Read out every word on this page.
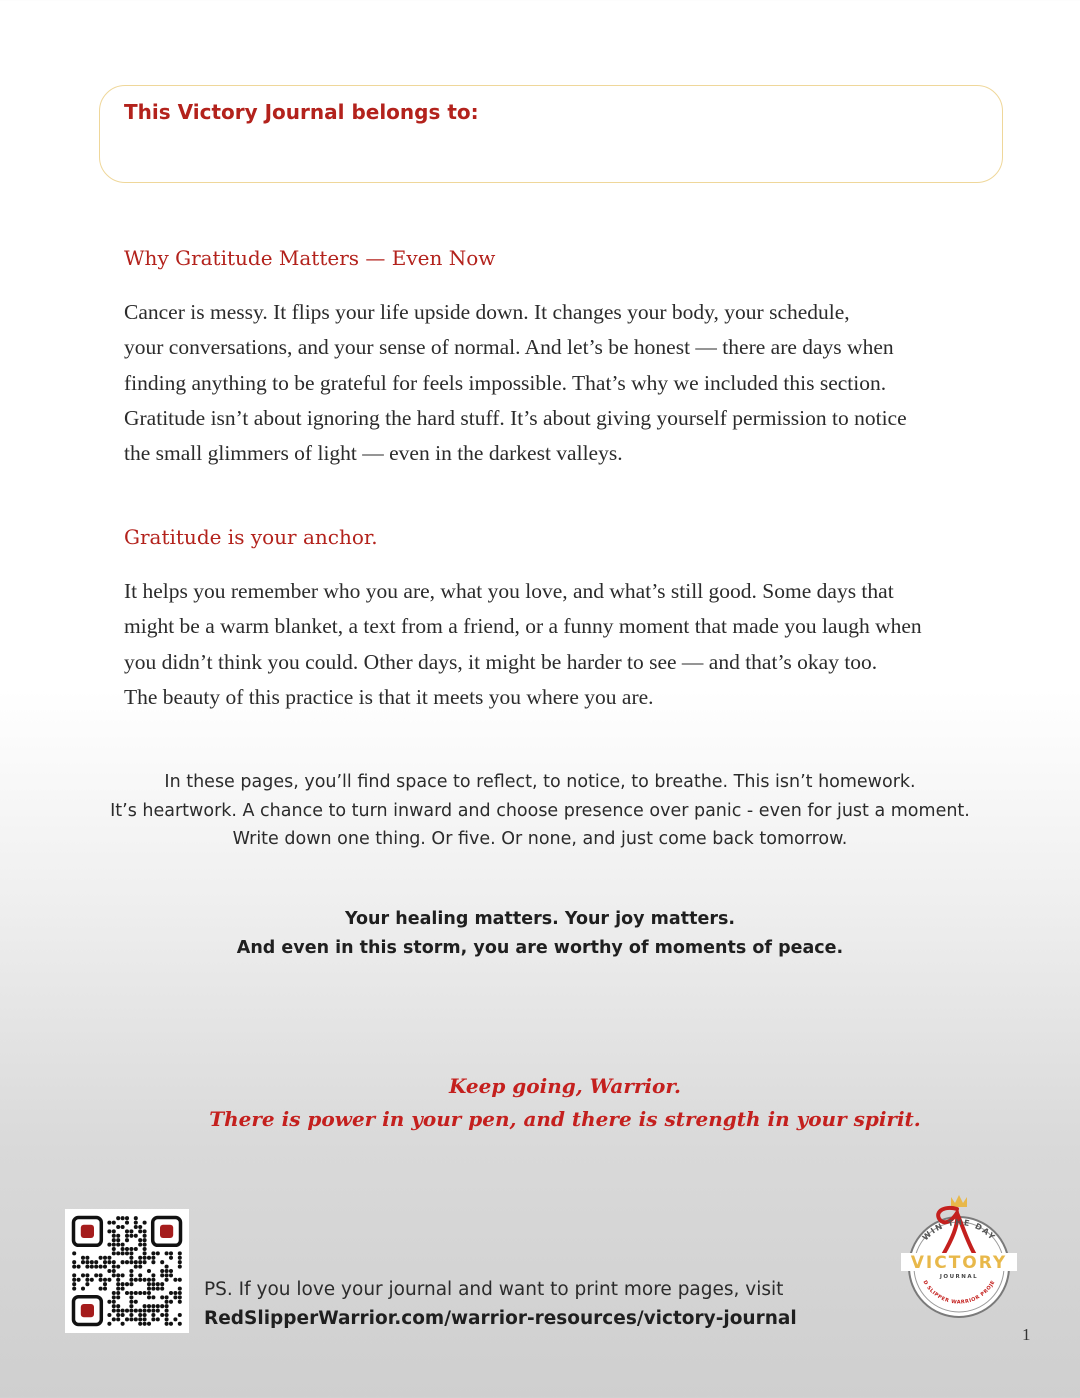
This Victory Journal belongs to:
Why Gratitude Matters — Even Now
Cancer is messy. It flips your life upside down. It changes your body, your schedule,
your conversations, and your sense of normal. And let’s be honest — there are days when
finding anything to be grateful for feels impossible. That’s why we included this section.
Gratitude isn’t about ignoring the hard stuff. It’s about giving yourself permission to notice
the small glimmers of light — even in the darkest valleys.
Gratitude is your anchor.
It helps you remember who you are, what you love, and what’s still good. Some days that
might be a warm blanket, a text from a friend, or a funny moment that made you laugh when
you didn’t think you could. Other days, it might be harder to see — and that’s okay too.
The beauty of this practice is that it meets you where you are.
In these pages, you’ll find space to reflect, to notice, to breathe. This isn’t homework.
It’s heartwork. A chance to turn inward and choose presence over panic - even for just a moment.
Write down one thing. Or five. Or none, and just come back tomorrow.
Your healing matters. Your joy matters.
And even in this storm, you are worthy of moments of peace.
Keep going, Warrior.
There is power in your pen, and there is strength in your spirit.
PS. If you love your journal and want to print more pages, visit
RedSlipperWarrior.com/warrior-resources/victory-journal
WIN THE DAY
VICTORY
JOURNAL
D SLIPPER WARRIOR PROJE
1
